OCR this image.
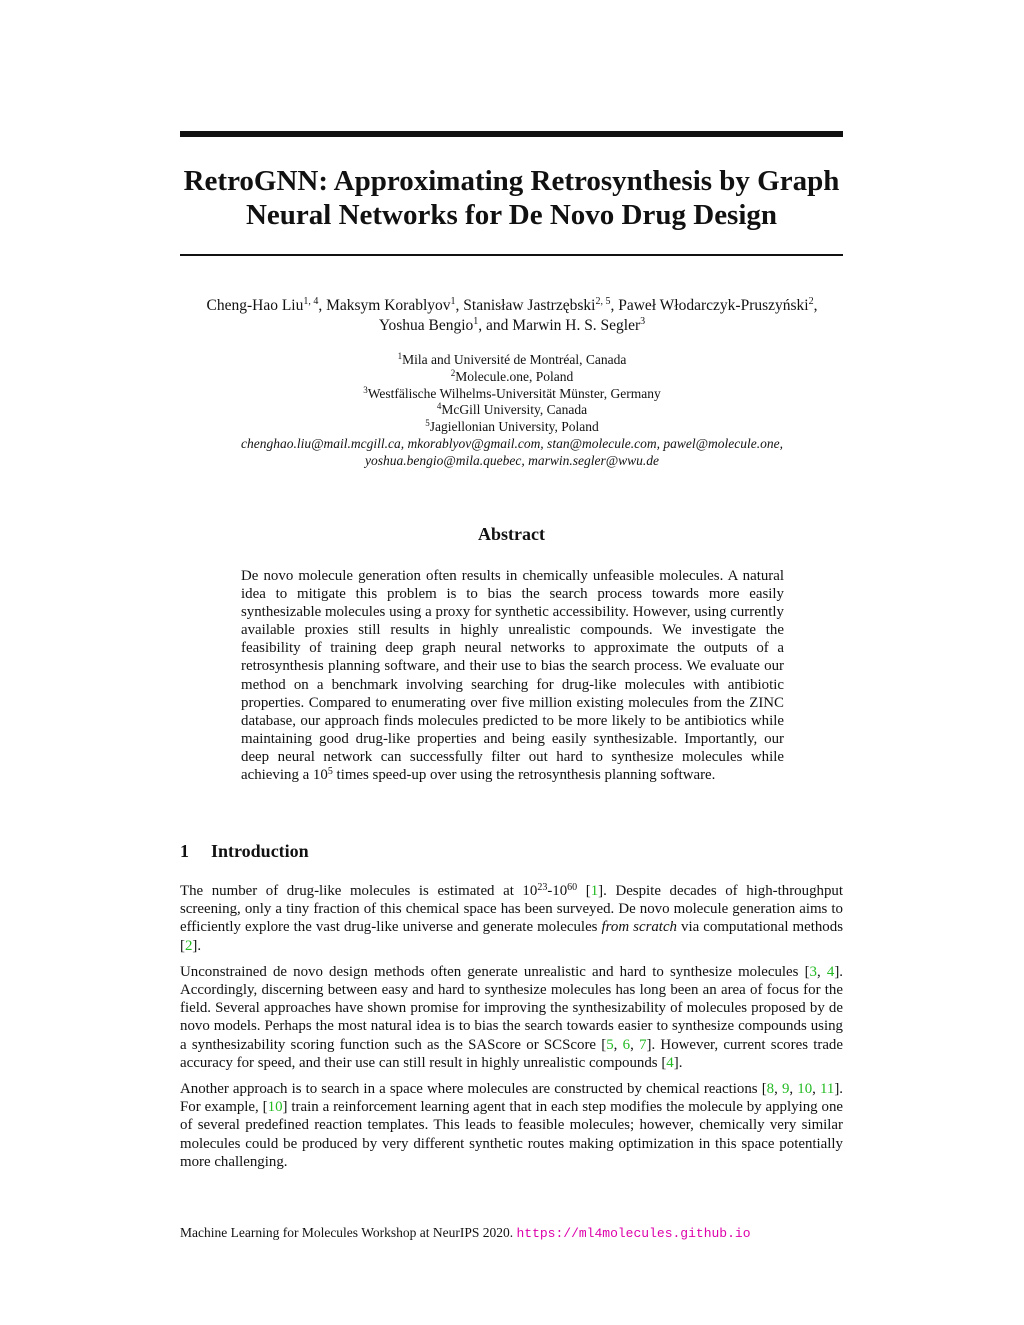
RetroGNN: Approximating Retrosynthesis by Graph
Neural Networks for De Novo Drug Design
Cheng-Hao Liu$^{1, 4}$, Maksym Korablyov$^1$, Stanisław Jastrzębski$^{2, 5}$, Paweł Włodarczyk-Pruszyński$^2$,
Yoshua Bengio$^1$, and Marwin H. S. Segler$^3$
$^1$Mila and Université de Montréal, Canada
$^2$Molecule.one, Poland
$^3$Westfälische Wilhelms-Universität Münster, Germany
$^4$McGill University, Canada
$^5$Jagiellonian University, Poland
chenghao.liu@mail.mcgill.ca, mkorablyov@gmail.com, stan@molecule.com, pawel@molecule.one,
yoshua.bengio@mila.quebec, marwin.segler@wwu.de
Abstract
De novo molecule generation often results in chemically unfeasible molecules. A natural idea to mitigate this problem is to bias the search process towards more easily synthesizable molecules using a proxy for synthetic accessibility. However, using currently available proxies still results in highly unrealistic compounds. We investigate the feasibility of training deep graph neural networks to approximate the outputs of a retrosynthesis planning software, and their use to bias the search process. We evaluate our method on a benchmark involving searching for drug-like molecules with antibiotic properties. Compared to enumerating over five million existing molecules from the ZINC database, our approach finds molecules predicted to be more likely to be antibiotics while maintaining good drug-like properties and being easily synthesizable. Importantly, our deep neural network can successfully filter out hard to synthesize molecules while achieving a $10^5$ times speed-up over using the retrosynthesis planning software.
1 Introduction

The number of drug-like molecules is estimated at $10^{23}-10^{60}$ [1]. Despite decades of high-throughput screening, only a tiny fraction of this chemical space has been surveyed. De novo molecule generation aims to efficiently explore the vast drug-like universe and generate molecules from scratch via computational methods [2].

Unconstrained de novo design methods often generate unrealistic and hard to synthesize molecules [3, 4]. Accordingly, discerning between easy and hard to synthesize molecules has long been an area of focus for the field. Several approaches have shown promise for improving the synthesizability of molecules proposed by de novo models. Perhaps the most natural idea is to bias the search towards easier to synthesize compounds using a synthesizability scoring function such as the SAScore or SCScore [5, 6, 7]. However, current scores trade accuracy for speed, and their use can still result in highly unrealistic compounds [4].

Another approach is to search in a space where molecules are constructed by chemical reactions [8, 9, 10, 11]. For example, [10] train a reinforcement learning agent that in each step modifies the molecule by applying one of several predefined reaction templates. This leads to feasible molecules; however, chemically very similar molecules could be produced by very different synthetic routes making optimization in this space potentially more challenging.

Machine Learning for Molecules Workshop at NeurIPS 2020. https://ml4molecules.github.io
